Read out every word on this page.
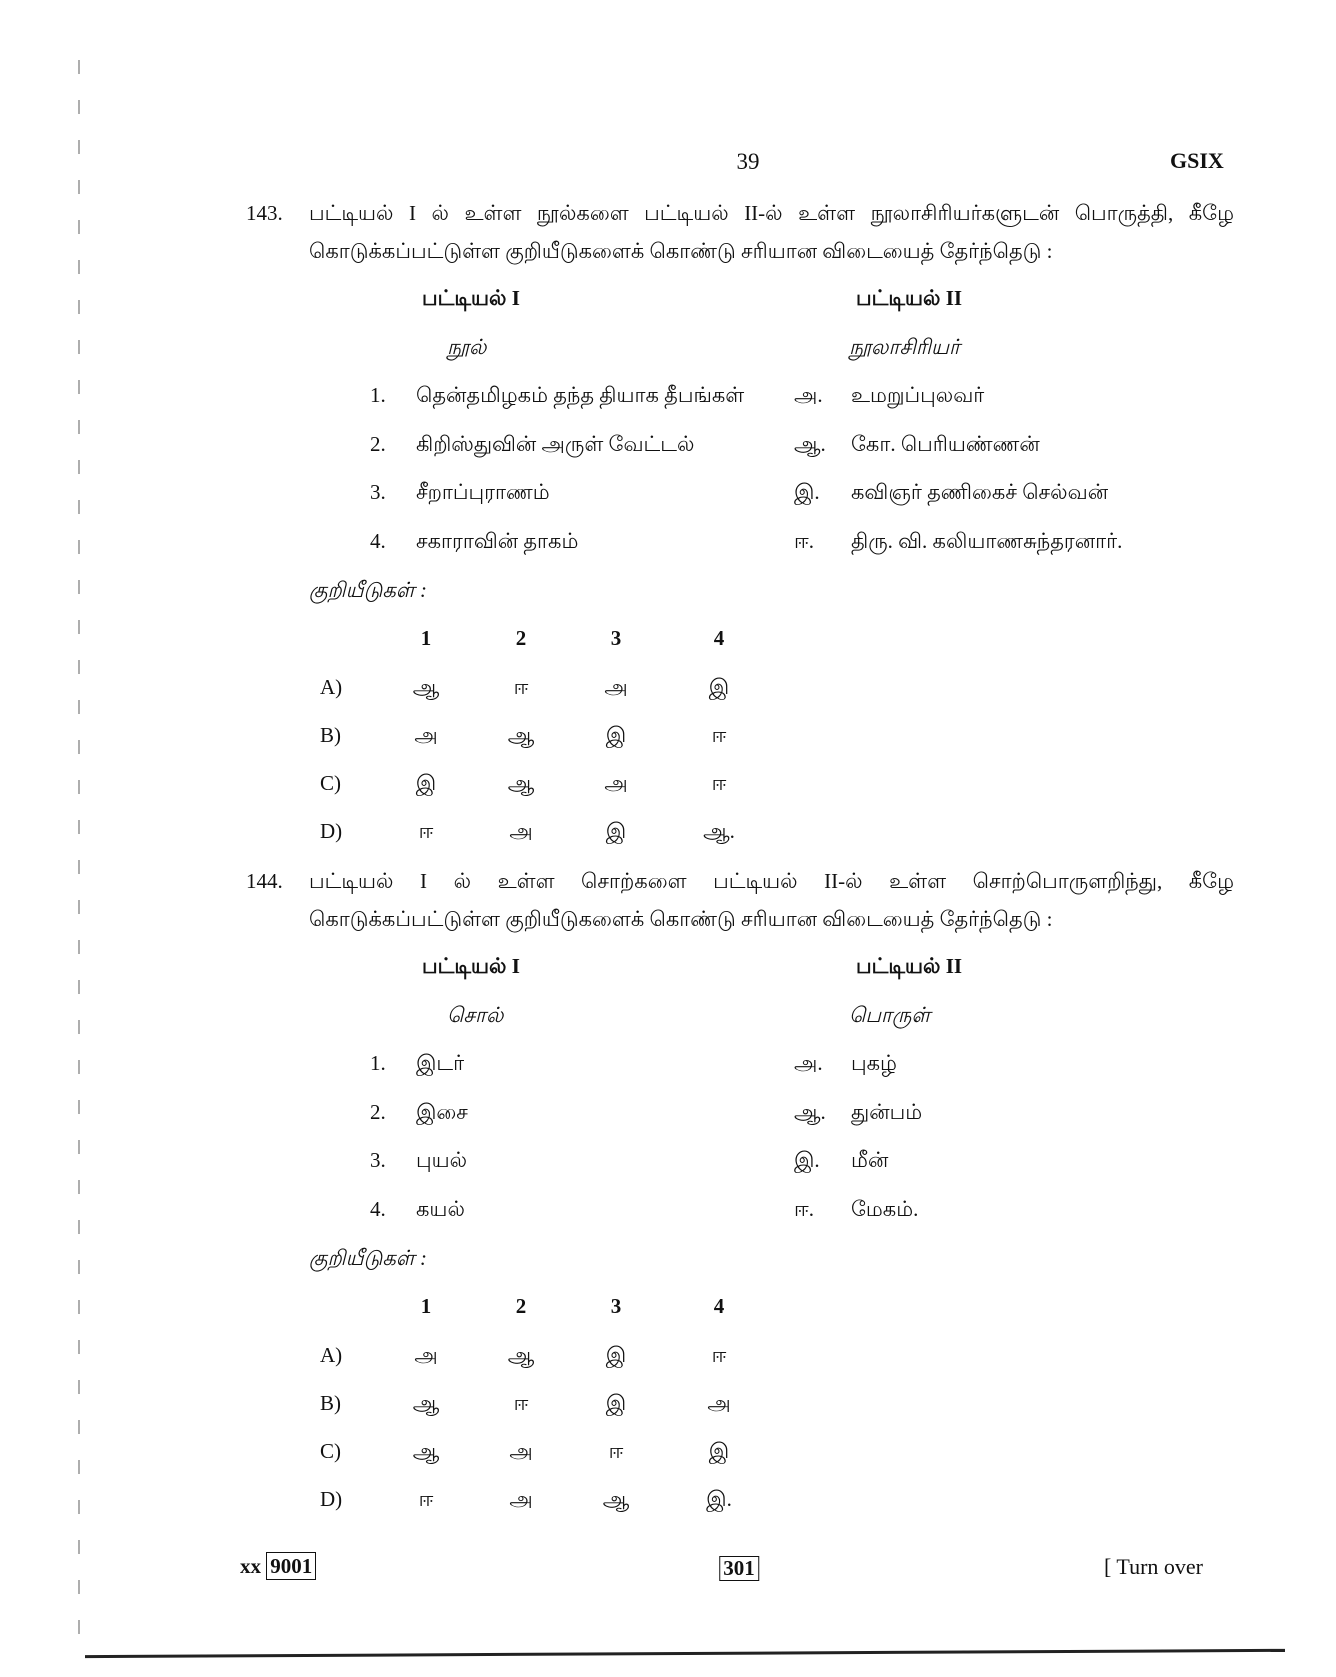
39	GSIX
143. பட்டியல் I ல் உள்ள நூல்களை பட்டியல் II-ல் உள்ள நூலாசிரியர்களுடன் பொருத்தி, கீழே
கொடுக்கப்பட்டுள்ள குறியீடுகளைக் கொண்டு சரியான விடையைத் தேர்ந்தெடு :
பட்டியல் I	பட்டியல் II
நூல்	நூலாசிரியர்
1. தென்தமிழகம் தந்த தியாக தீபங்கள் அ. உமறுப்புலவர்
2. கிறிஸ்துவின் அருள் வேட்டல்	ஆ. கோ. பெரியண்ணன்
3. சீறாப்புராணம்	இ. கவிஞர் தணிகைச் செல்வன்
4. சகாராவின் தாகம்	ஈ. திரு. வி. கலியாணசுந்தரனார்.
குறியீடுகள் :
1	2	3	4
A)	ஆ	ஈ	அ	இ
B)	அ	ஆ	இ	ஈ
C)	இ	ஆ	அ	ஈ
D)	ஈ	அ	இ	ஆ.
144. பட்டியல் I ல் உள்ள சொற்களை பட்டியல் II-ல் உள்ள சொற்பொருளறிந்து, கீழே
கொடுக்கப்பட்டுள்ள குறியீடுகளைக் கொண்டு சரியான விடையைத் தேர்ந்தெடு :
பட்டியல் I	பட்டியல் II
சொல்	பொருள்
1. இடர்	அ. புகழ்
2. இசை	ஆ. துன்பம்
3. புயல்	இ. மீன்
4. கயல்	ஈ. மேகம்.
குறியீடுகள் :
1	2	3	4
A)	அ	ஆ	இ	ஈ
B)	ஆ	ஈ	இ	அ
C)	ஆ	அ	ஈ	இ
D)	ஈ	அ	ஆ	இ.
xx 9001	301	[ Turn over
